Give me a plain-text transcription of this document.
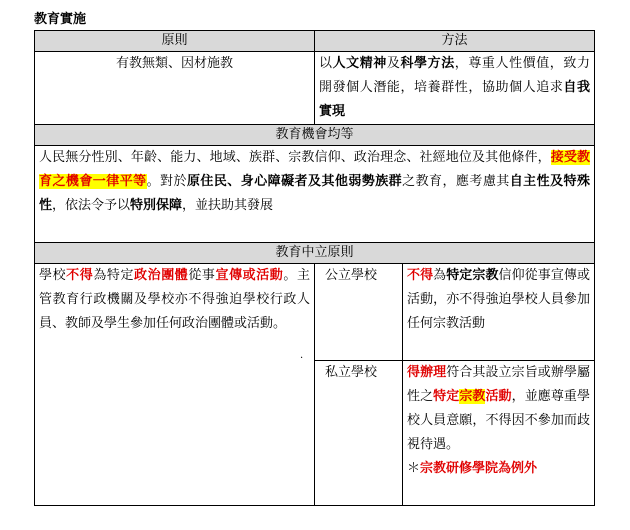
教育實施
原則	方法	
有教無類、因材施教	以人文精神及科學方法，尊重人性價值，致力開發個人潛能，培養群性，協助個人追求自我實現	
教育機會均等		
人民無分性別、年齡、能力、地域、族群、宗教信仰、政治理念、社經地位及其他條件，接受教育之機會一律平等。對於原住民、身心障礙者及其他弱勢族群之教育，應考慮其自主性及特殊性，依法令予以特別保障，並扶助其發展		
教育中立原則		
學校不得為特定政治團體從事宣傳或活動。主管教育行政機關及學校亦不得強迫學校行政人員、教師及學生參加任何政治團體或活動。	公立學校	不得為特定宗教信仰從事宣傳或活動，亦不得強迫學校人員參加任何宗教活動
	私立學校	得辦理符合其設立宗旨或辦學屬性之特定宗教活動，並應尊重學校人員意願，不得因不參加而歧視待遇。
＊宗教研修學院為例外
.
